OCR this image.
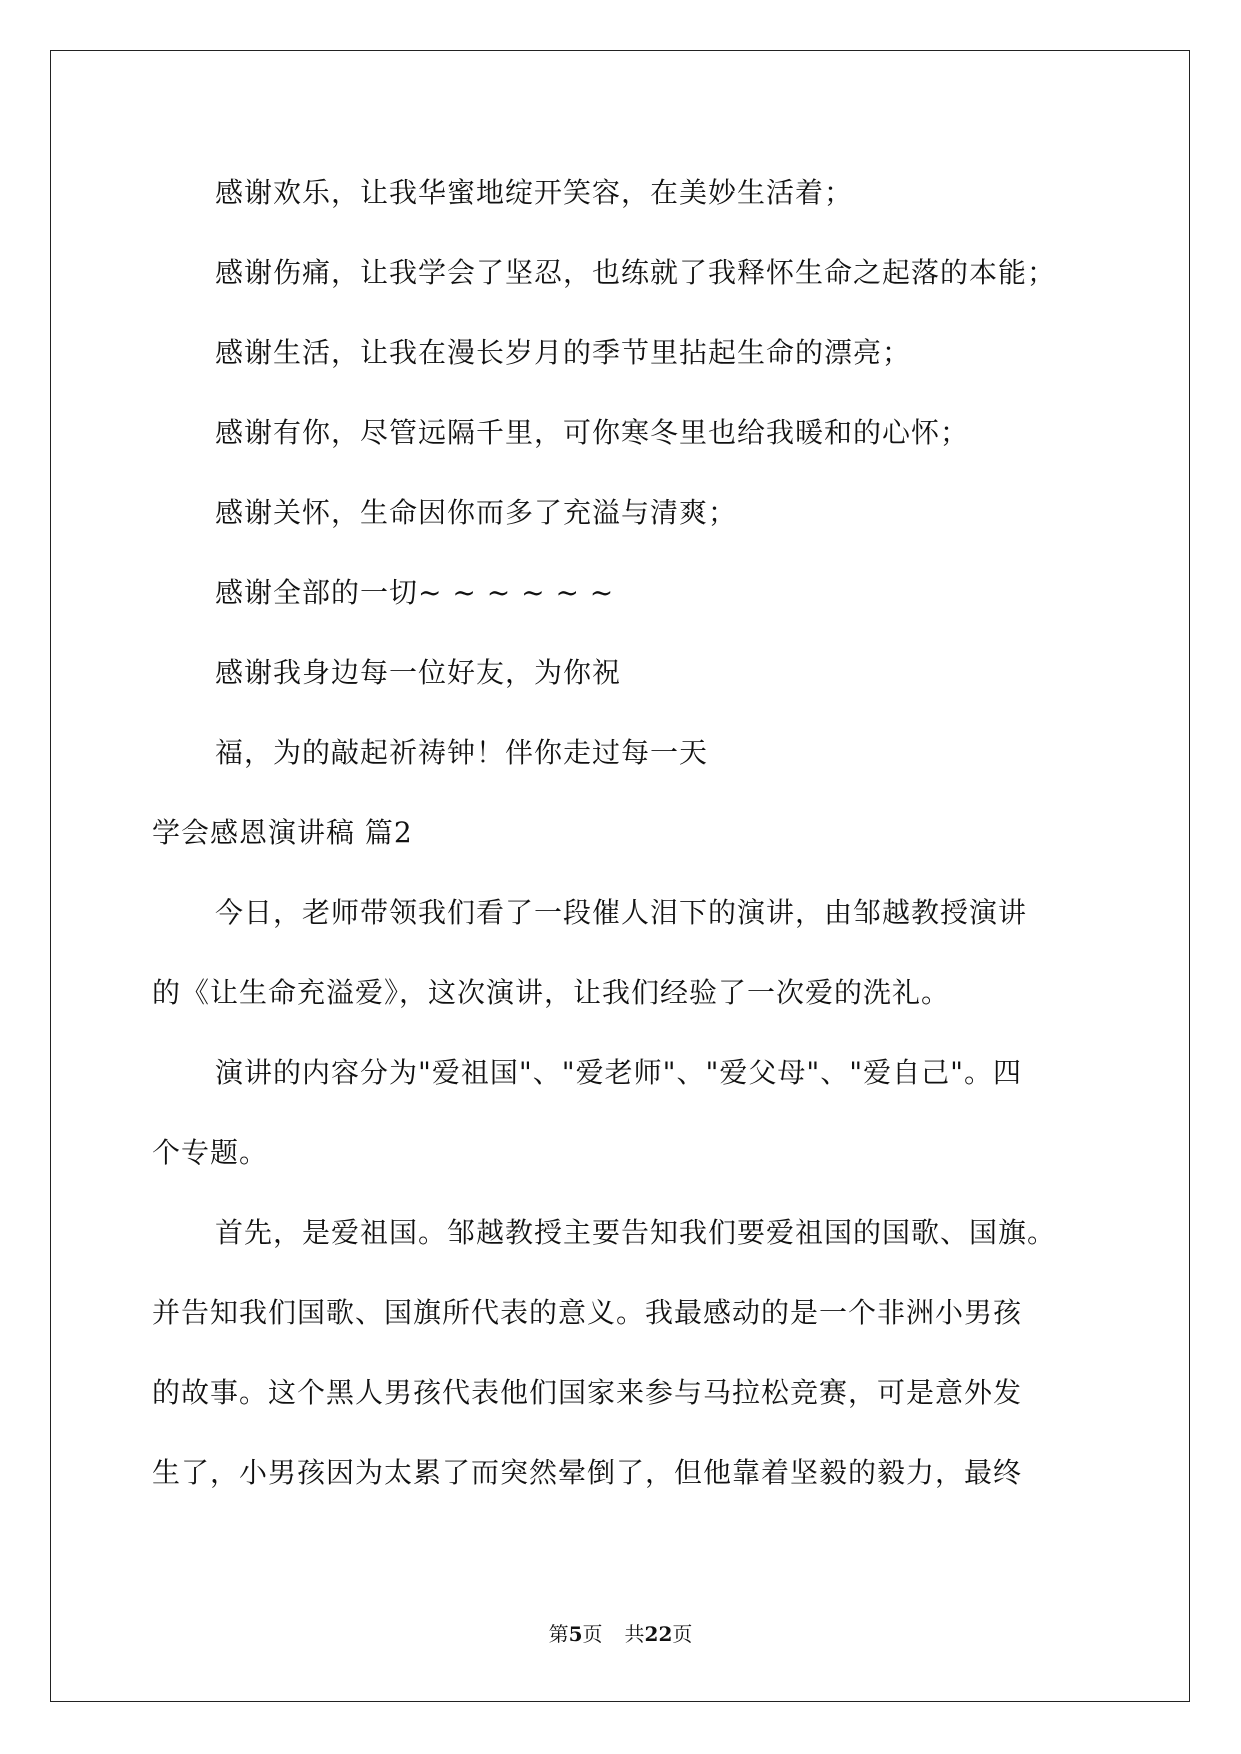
感谢欢乐，让我华蜜地绽开笑容，在美妙生活着；
感谢伤痛，让我学会了坚忍，也练就了我释怀生命之起落的本能；
感谢生活，让我在漫长岁月的季节里拈起生命的漂亮；
感谢有你，尽管远隔千里，可你寒冬里也给我暖和的心怀；
感谢关怀，生命因你而多了充溢与清爽；
感谢全部的一切~ ~ ~ ~ ~ ~
感谢我身边每一位好友，为你祝
福，为的敲起祈祷钟！伴你走过每一天
学会感恩演讲稿 篇2
今日，老师带领我们看了一段催人泪下的演讲，由邹越教授演讲
的《让生命充溢爱》，这次演讲，让我们经验了一次爱的洗礼。
演讲的内容分为"爱祖国"、"爱老师"、"爱父母"、"爱自己"。四
个专题。
首先，是爱祖国。邹越教授主要告知我们要爱祖国的国歌、国旗。
并告知我们国歌、国旗所代表的意义。我最感动的是一个非洲小男孩
的故事。这个黑人男孩代表他们国家来参与马拉松竞赛，可是意外发
生了，小男孩因为太累了而突然晕倒了，但他靠着坚毅的毅力，最终
第5页 共22页
